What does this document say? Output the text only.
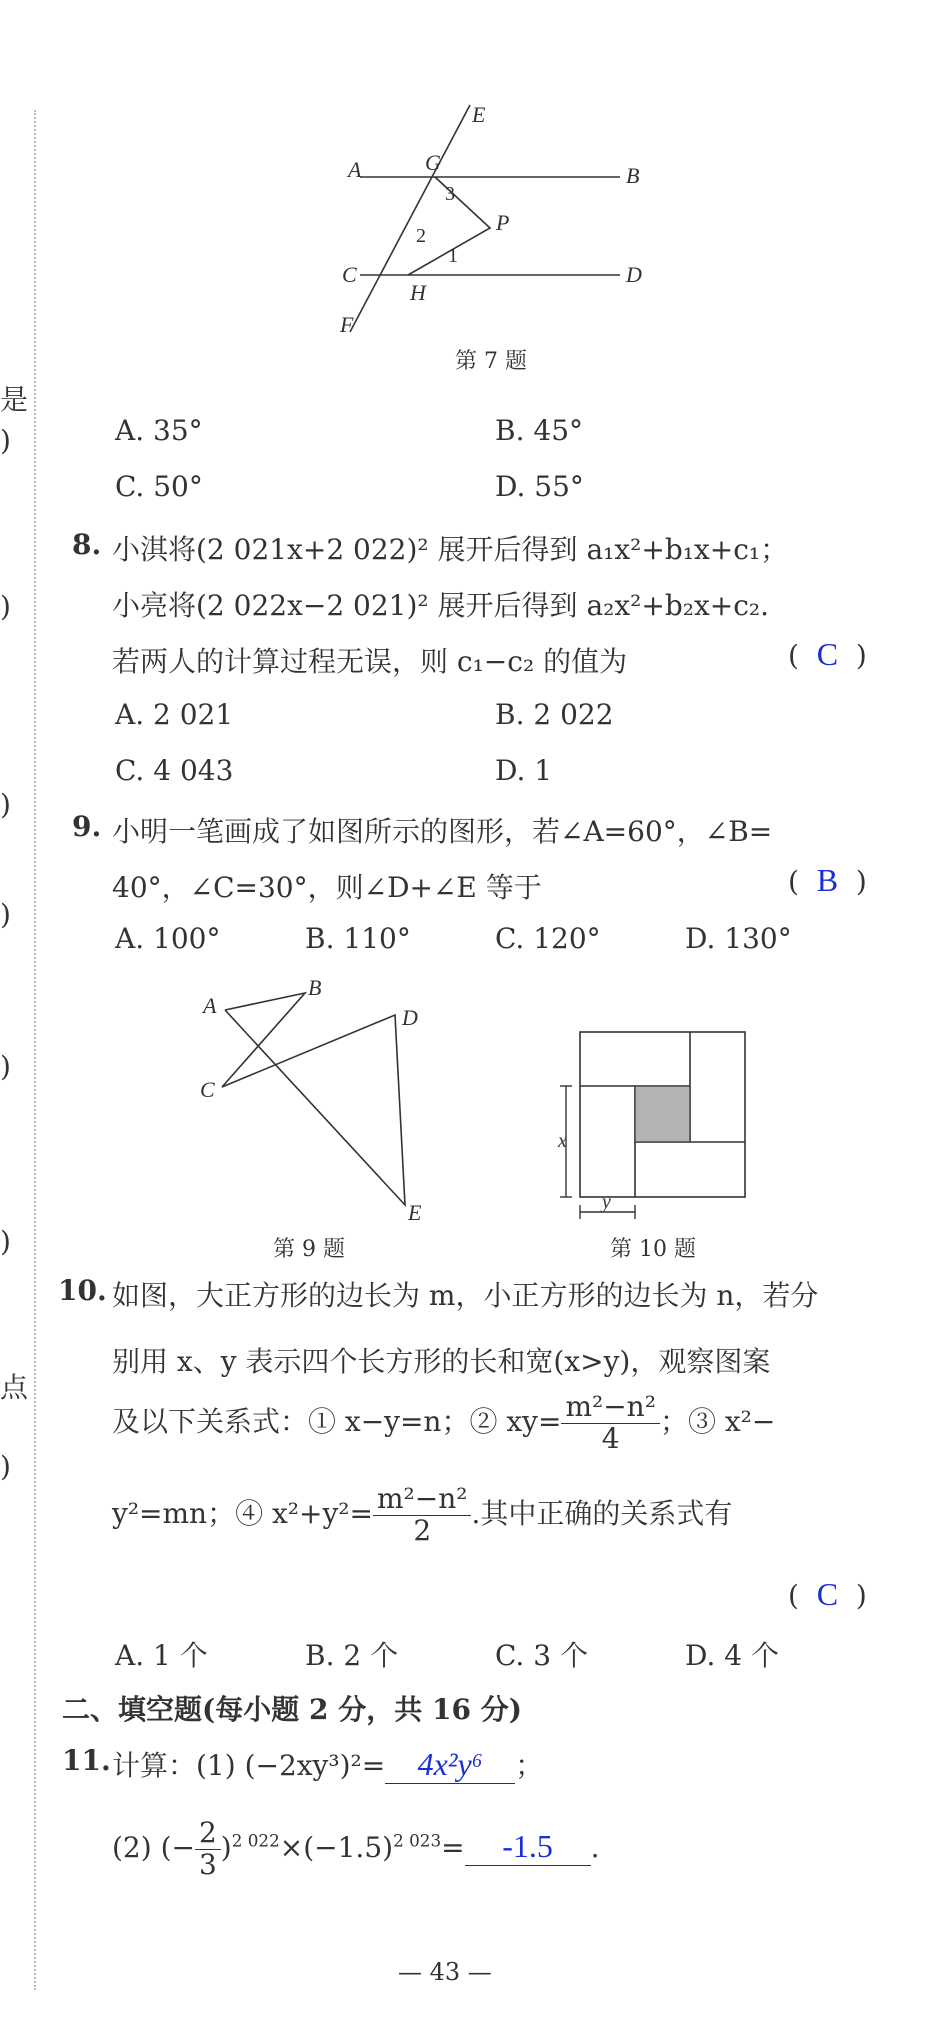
是
)
)
)
)
)
)
点
)
A
E
G
B
3
P
2
1
C
H
D
F
第 7 题
A. 35°	B. 45°
C. 50°	D. 55°
8. 小淇将(2 021x+2 022)² 展开后得到 a₁x²+b₁x+c₁；
小亮将(2 022x−2 021)² 展开后得到 a₂x²+b₂x+c₂.
若两人的计算过程无误，则 c₁−c₂ 的值为	(  C  )
A. 2 021	B. 2 022
C. 4 043	D. 1
9. 小明一笔画成了如图所示的图形，若∠A=60°，∠B=
40°，∠C=30°，则∠D+∠E 等于	(  B  )
A. 100°	B. 110°	C. 120°	D. 130°
A
B
C
D
E
第 9 题
x
y
第 10 题
10. 如图，大正方形的边长为 m，小正方形的边长为 n，若分
别用 x、y 表示四个长方形的长和宽(x>y)，观察图案
及以下关系式：① x−y=n；② $xy= \frac{\text{m²−n²}}{4}$ ；③ x²−
y²=mn；④ $x^2+y^2= \frac{\text{m²−n²}}{2}$ .其中正确的关系式有
(  C  )
A. 1 个	B. 2 个	C. 3 个	D. 4 个
二、填空题(每小题 2 分，共 16 分)
11. 计算：(1) (−2xy³)²= 4x²y⁶ ；
(2) (− $\frac{2}{3} )^{2 022}\times(-1.5)^{2 023}= -1.5$ .
— 43 —
